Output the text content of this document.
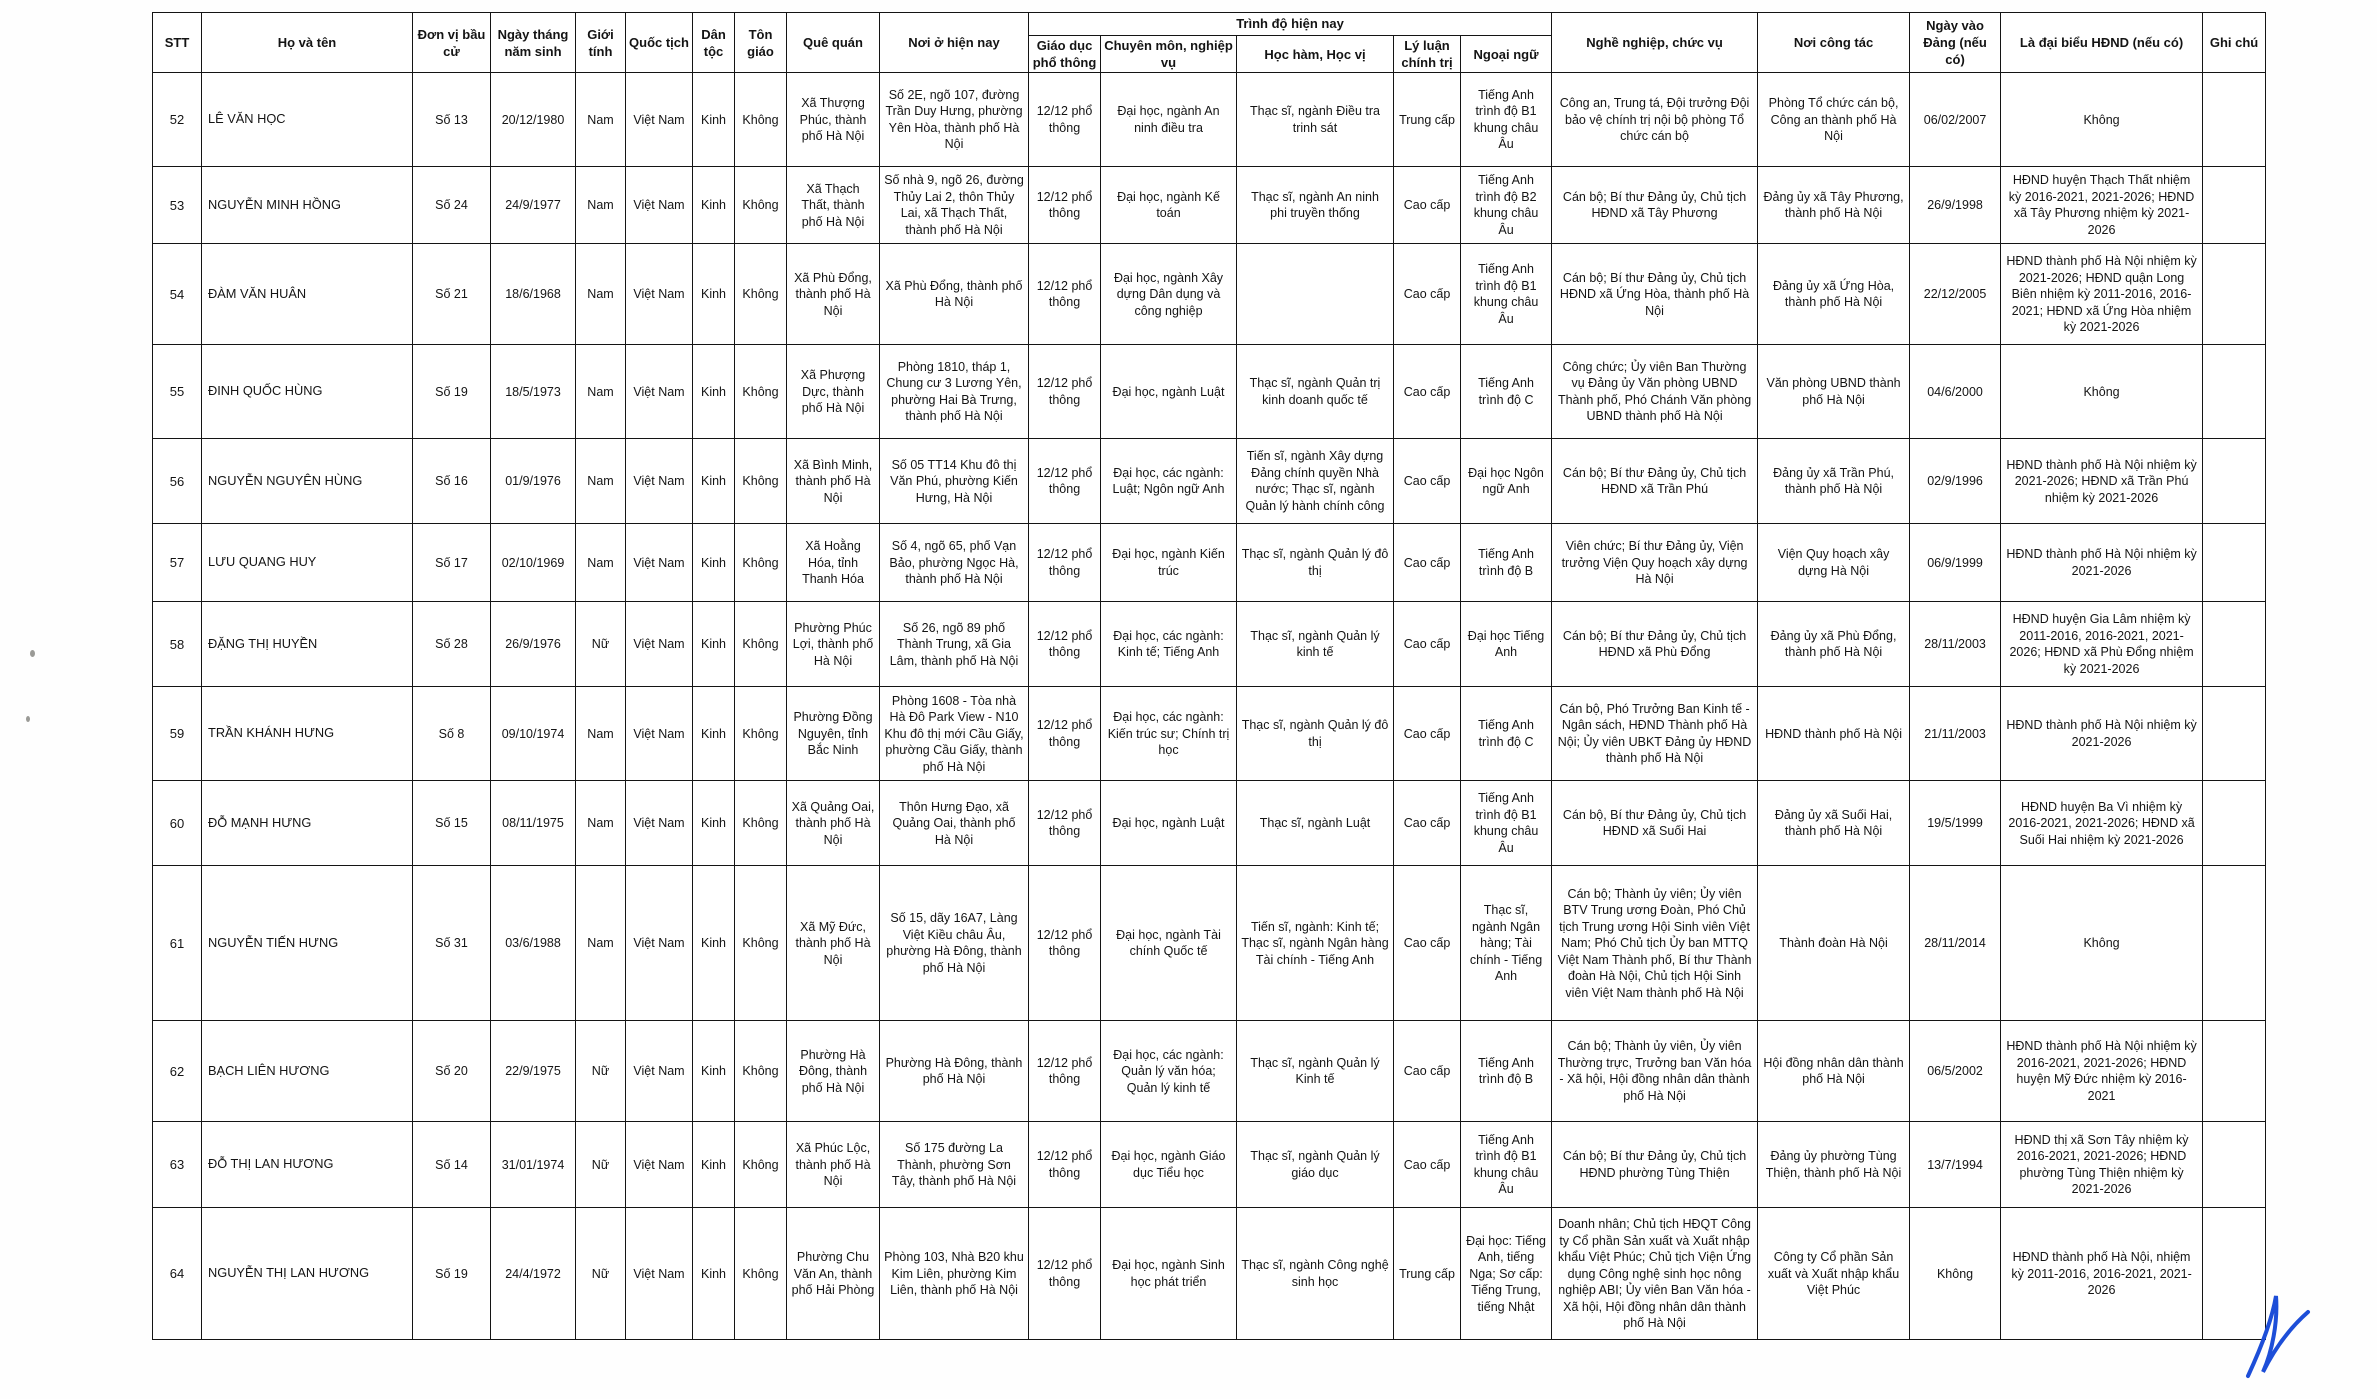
STT	Họ và tên	Đơn vị bầu cử	Ngày tháng năm sinh	Giới tính	Quốc tịch	Dân tộc	Tôn giáo	Quê quán	Nơi ở hiện nay	Trình độ hiện nay					Nghề nghiệp, chức vụ	Nơi công tác	Ngày vào Đảng (nếu có)	Là đại biểu HĐND (nếu có)	Ghi chú
										Giáo dục phổ thông	Chuyên môn, nghiệp vụ	Học hàm, Học vị	Lý luận chính trị	Ngoại ngữ					
52	LÊ VĂN HỌC	Số 13	20/12/1980	Nam	Việt Nam	Kinh	Không	Xã Thượng Phúc, thành phố Hà Nội	Số 2E, ngõ 107, đường Trần Duy Hưng, phường Yên Hòa, thành phố Hà Nội	12/12 phổ thông	Đại học, ngành An ninh điều tra	Thạc sĩ, ngành Điều tra trinh sát	Trung cấp	Tiếng Anh trình độ B1 khung châu Âu	Công an, Trung tá, Đội trưởng Đội bảo vệ chính trị nội bộ phòng Tổ chức cán bộ	Phòng Tổ chức cán bộ, Công an thành phố Hà Nội	06/02/2007	Không	
53	NGUYỄN MINH HỒNG	Số 24	24/9/1977	Nam	Việt Nam	Kinh	Không	Xã Thạch Thất, thành phố Hà Nội	Số nhà 9, ngõ 26, đường Thủy Lai 2, thôn Thủy Lai, xã Thạch Thất, thành phố Hà Nội	12/12 phổ thông	Đại học, ngành Kế toán	Thạc sĩ, ngành An ninh phi truyền thống	Cao cấp	Tiếng Anh trình độ B2 khung châu Âu	Cán bộ; Bí thư Đảng ủy, Chủ tịch HĐND xã Tây Phương	Đảng ủy xã Tây Phương, thành phố Hà Nội	26/9/1998	HĐND huyện Thạch Thất nhiệm kỳ 2016-2021, 2021-2026; HĐND xã Tây Phương nhiệm kỳ 2021-2026	
54	ĐÀM VĂN HUÂN	Số 21	18/6/1968	Nam	Việt Nam	Kinh	Không	Xã Phù Đổng, thành phố Hà Nội	Xã Phù Đổng, thành phố Hà Nội	12/12 phổ thông	Đại học, ngành Xây dựng Dân dụng và công nghiệp		Cao cấp	Tiếng Anh trình độ B1 khung châu Âu	Cán bộ; Bí thư Đảng ủy, Chủ tịch HĐND xã Ứng Hòa, thành phố Hà Nội	Đảng ủy xã Ứng Hòa, thành phố Hà Nội	22/12/2005	HĐND thành phố Hà Nội nhiệm kỳ 2021-2026; HĐND quận Long Biên nhiệm kỳ 2011-2016, 2016-2021; HĐND xã Ứng Hòa nhiệm kỳ 2021-2026	
55	ĐINH QUỐC HÙNG	Số 19	18/5/1973	Nam	Việt Nam	Kinh	Không	Xã Phượng Dực, thành phố Hà Nội	Phòng 1810, tháp 1, Chung cư 3 Lương Yên, phường Hai Bà Trưng, thành phố Hà Nội	12/12 phổ thông	Đại học, ngành Luật	Thạc sĩ, ngành Quản trị kinh doanh quốc tế	Cao cấp	Tiếng Anh trình độ C	Công chức; Ủy viên Ban Thường vụ Đảng ủy Văn phòng UBND Thành phố, Phó Chánh Văn phòng UBND thành phố Hà Nội	Văn phòng UBND thành phố Hà Nội	04/6/2000	Không	
56	NGUYỄN NGUYÊN HÙNG	Số 16	01/9/1976	Nam	Việt Nam	Kinh	Không	Xã Bình Minh, thành phố Hà Nội	Số 05 TT14 Khu đô thị Văn Phú, phường Kiến Hưng, Hà Nội	12/12 phổ thông	Đại học, các ngành: Luật; Ngôn ngữ Anh	Tiến sĩ, ngành Xây dựng Đảng chính quyền Nhà nước; Thạc sĩ, ngành Quản lý hành chính công	Cao cấp	Đại học Ngôn ngữ Anh	Cán bộ; Bí thư Đảng ủy, Chủ tịch HĐND xã Trần Phú	Đảng ủy xã Trần Phú, thành phố Hà Nội	02/9/1996	HĐND thành phố Hà Nội nhiệm kỳ 2021-2026; HĐND xã Trần Phú nhiệm kỳ 2021-2026	
57	LƯU QUANG HUY	Số 17	02/10/1969	Nam	Việt Nam	Kinh	Không	Xã Hoằng Hóa, tỉnh Thanh Hóa	Số 4, ngõ 65, phố Vạn Bảo, phường Ngọc Hà, thành phố Hà Nội	12/12 phổ thông	Đại học, ngành Kiến trúc	Thạc sĩ, ngành Quản lý đô thị	Cao cấp	Tiếng Anh trình độ B	Viên chức; Bí thư Đảng ủy, Viện trưởng Viện Quy hoạch xây dựng Hà Nội	Viện Quy hoạch xây dựng Hà Nội	06/9/1999	HĐND thành phố Hà Nội nhiệm kỳ 2021-2026	
58	ĐẶNG THỊ HUYỀN	Số 28	26/9/1976	Nữ	Việt Nam	Kinh	Không	Phường Phúc Lợi, thành phố Hà Nội	Số 26, ngõ 89 phố Thành Trung, xã Gia Lâm, thành phố Hà Nội	12/12 phổ thông	Đại học, các ngành: Kinh tế; Tiếng Anh	Thạc sĩ, ngành Quản lý kinh tế	Cao cấp	Đại học Tiếng Anh	Cán bộ; Bí thư Đảng ủy, Chủ tịch HĐND xã Phù Đổng	Đảng ủy xã Phù Đổng, thành phố Hà Nội	28/11/2003	HĐND huyện Gia Lâm nhiệm kỳ 2011-2016, 2016-2021, 2021-2026; HĐND xã Phù Đổng nhiệm kỳ 2021-2026	
59	TRẦN KHÁNH HƯNG	Số 8	09/10/1974	Nam	Việt Nam	Kinh	Không	Phường Đồng Nguyên, tỉnh Bắc Ninh	Phòng 1608 - Tòa nhà Hà Đô Park View - N10 Khu đô thị mới Cầu Giấy, phường Cầu Giấy, thành phố Hà Nội	12/12 phổ thông	Đại học, các ngành: Kiến trúc sư; Chính trị học	Thạc sĩ, ngành Quản lý đô thị	Cao cấp	Tiếng Anh trình độ C	Cán bộ, Phó Trưởng Ban Kinh tế - Ngân sách, HĐND Thành phố Hà Nội; Ủy viên UBKT Đảng ủy HĐND thành phố Hà Nội	HĐND thành phố Hà Nội	21/11/2003	HĐND thành phố Hà Nội nhiệm kỳ 2021-2026	
60	ĐỖ MẠNH HƯNG	Số 15	08/11/1975	Nam	Việt Nam	Kinh	Không	Xã Quảng Oai, thành phố Hà Nội	Thôn Hưng Đạo, xã Quảng Oai, thành phố Hà Nội	12/12 phổ thông	Đại học, ngành Luật	Thạc sĩ, ngành Luật	Cao cấp	Tiếng Anh trình độ B1 khung châu Âu	Cán bộ, Bí thư Đảng ủy, Chủ tịch HĐND xã Suối Hai	Đảng ủy xã Suối Hai, thành phố Hà Nội	19/5/1999	HĐND huyện Ba Vì nhiệm kỳ 2016-2021, 2021-2026; HĐND xã Suối Hai nhiệm kỳ 2021-2026	
61	NGUYỄN TIẾN HƯNG	Số 31	03/6/1988	Nam	Việt Nam	Kinh	Không	Xã Mỹ Đức, thành phố Hà Nội	Số 15, dãy 16A7, Làng Việt Kiều châu Âu, phường Hà Đông, thành phố Hà Nội	12/12 phổ thông	Đại học, ngành Tài chính Quốc tế	Tiến sĩ, ngành: Kinh tế; Thạc sĩ, ngành Ngân hàng Tài chính - Tiếng Anh	Cao cấp	Thạc sĩ, ngành Ngân hàng; Tài chính - Tiếng Anh	Cán bộ; Thành ủy viên; Ủy viên BTV Trung ương Đoàn, Phó Chủ tịch Trung ương Hội Sinh viên Việt Nam; Phó Chủ tịch Ủy ban MTTQ Việt Nam Thành phố, Bí thư Thành đoàn Hà Nội, Chủ tịch Hội Sinh viên Việt Nam thành phố Hà Nội	Thành đoàn Hà Nội	28/11/2014	Không	
62	BẠCH LIÊN HƯƠNG	Số 20	22/9/1975	Nữ	Việt Nam	Kinh	Không	Phường Hà Đông, thành phố Hà Nội	Phường Hà Đông, thành phố Hà Nội	12/12 phổ thông	Đại học, các ngành: Quản lý văn hóa; Quản lý kinh tế	Thạc sĩ, ngành Quản lý Kinh tế	Cao cấp	Tiếng Anh trình độ B	Cán bộ; Thành ủy viên, Ủy viên Thường trực, Trưởng ban Văn hóa - Xã hội, Hội đồng nhân dân thành phố Hà Nội	Hội đồng nhân dân thành phố Hà Nội	06/5/2002	HĐND thành phố Hà Nội nhiệm kỳ 2016-2021, 2021-2026; HĐND huyện Mỹ Đức nhiệm kỳ 2016-2021	
63	ĐỖ THỊ LAN HƯƠNG	Số 14	31/01/1974	Nữ	Việt Nam	Kinh	Không	Xã Phúc Lộc, thành phố Hà Nội	Số 175 đường La Thành, phường Sơn Tây, thành phố Hà Nội	12/12 phổ thông	Đại học, ngành Giáo dục Tiểu học	Thạc sĩ, ngành Quản lý giáo dục	Cao cấp	Tiếng Anh trình độ B1 khung châu Âu	Cán bộ; Bí thư Đảng ủy, Chủ tịch HĐND phường Tùng Thiện	Đảng ủy phường Tùng Thiện, thành phố Hà Nội	13/7/1994	HĐND thị xã Sơn Tây nhiệm kỳ 2016-2021, 2021-2026; HĐND phường Tùng Thiện nhiệm kỳ 2021-2026	
64	NGUYỄN THỊ LAN HƯƠNG	Số 19	24/4/1972	Nữ	Việt Nam	Kinh	Không	Phường Chu Văn An, thành phố Hải Phòng	Phòng 103, Nhà B20 khu Kim Liên, phường Kim Liên, thành phố Hà Nội	12/12 phổ thông	Đại học, ngành Sinh học phát triển	Thạc sĩ, ngành Công nghệ sinh học	Trung cấp	Đại học: Tiếng Anh, tiếng Nga; Sơ cấp: Tiếng Trung, tiếng Nhật	Doanh nhân; Chủ tịch HĐQT Công ty Cổ phần Sản xuất và Xuất nhập khẩu Việt Phúc; Chủ tịch Viện Ứng dụng Công nghệ sinh học nông nghiệp ABI; Ủy viên Ban Văn hóa - Xã hội, Hội đồng nhân dân thành phố Hà Nội	Công ty Cổ phần Sản xuất và Xuất nhập khẩu Việt Phúc	Không	HĐND thành phố Hà Nội, nhiệm kỳ 2011-2016, 2016-2021, 2021-2026	
